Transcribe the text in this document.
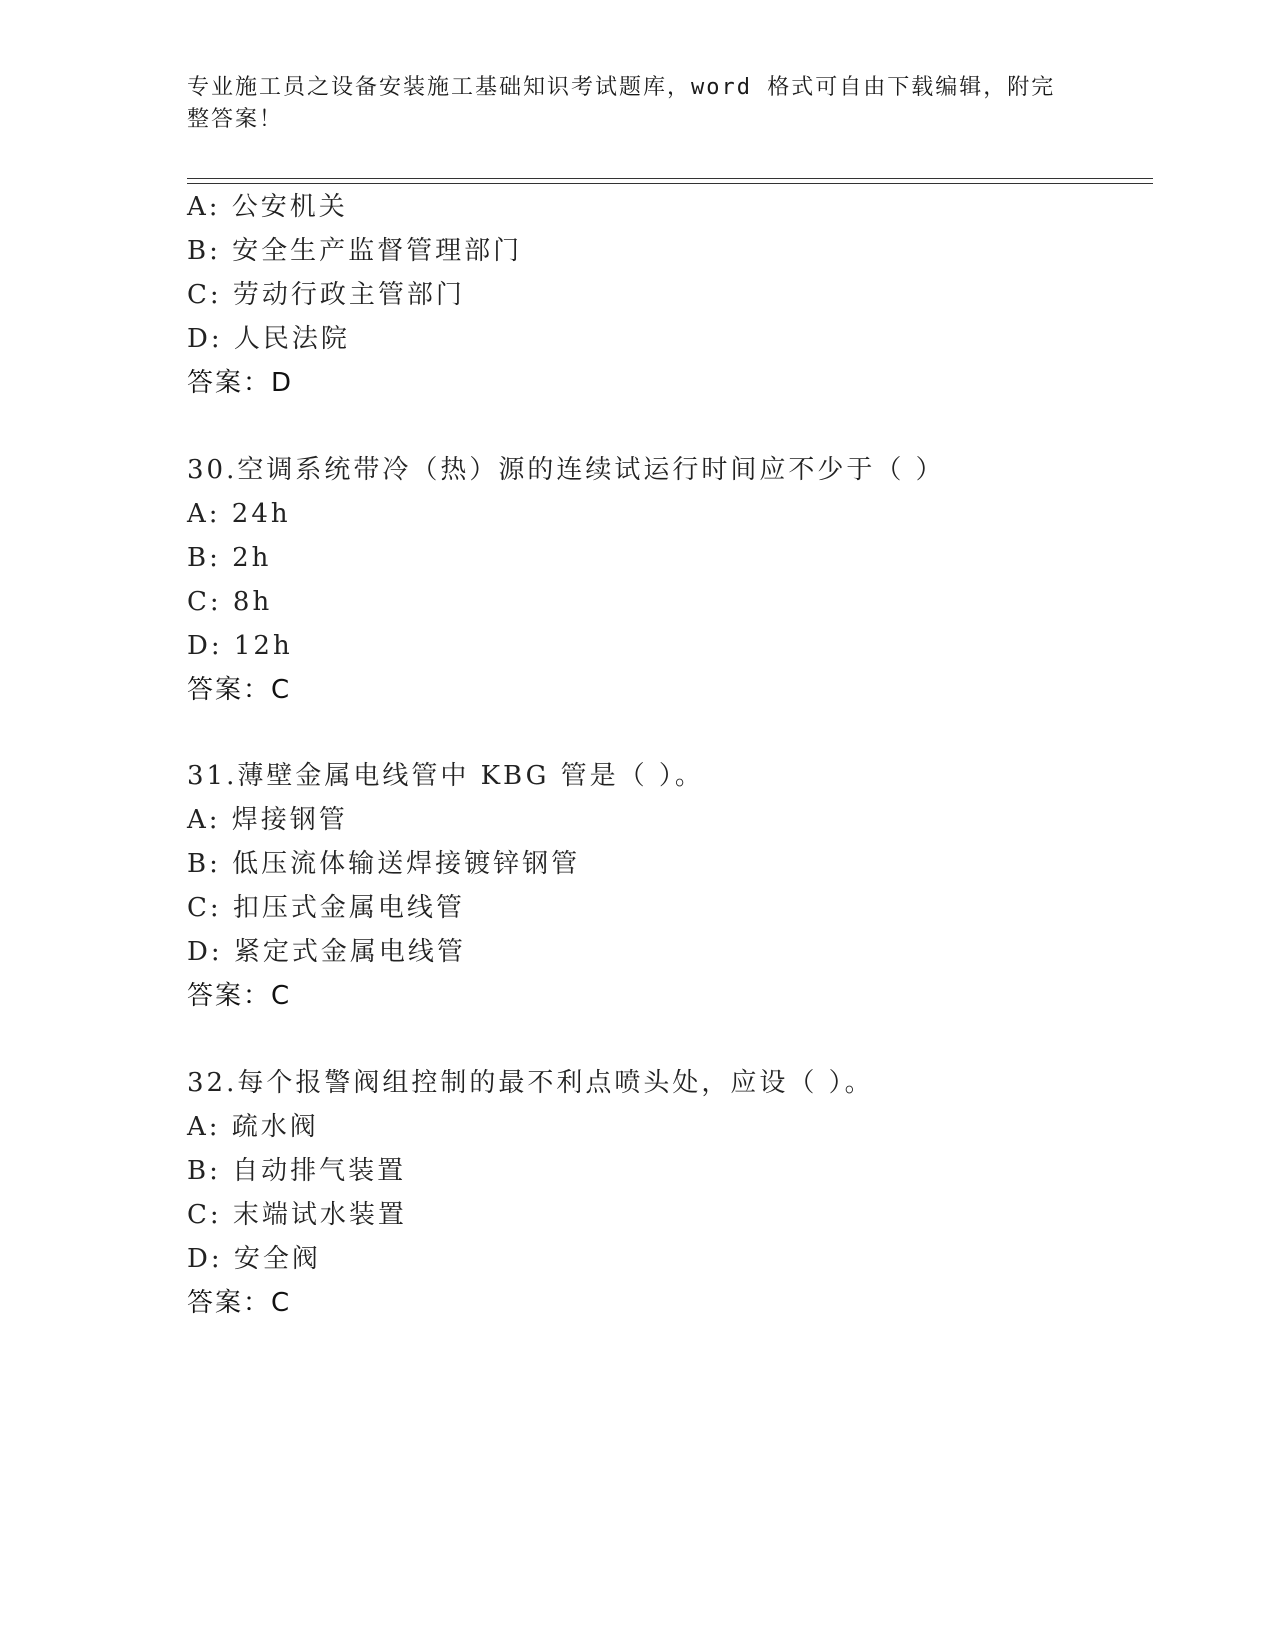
专业施工员之设备安装施工基础知识考试题库，word 格式可自由下载编辑，附完
整答案！
A: 公安机关
B: 安全生产监督管理部门
C: 劳动行政主管部门
D: 人民法院
答案：D
30.空调系统带冷（热）源的连续试运行时间应不少于（ ）
A: 24h
B: 2h
C: 8h
D: 12h
答案：C
31.薄壁金属电线管中 KBG 管是（ ）。
A: 焊接钢管
B: 低压流体输送焊接镀锌钢管
C: 扣压式金属电线管
D: 紧定式金属电线管
答案：C
32.每个报警阀组控制的最不利点喷头处，应设（ ）。
A: 疏水阀
B: 自动排气装置
C: 末端试水装置
D: 安全阀
答案：C
